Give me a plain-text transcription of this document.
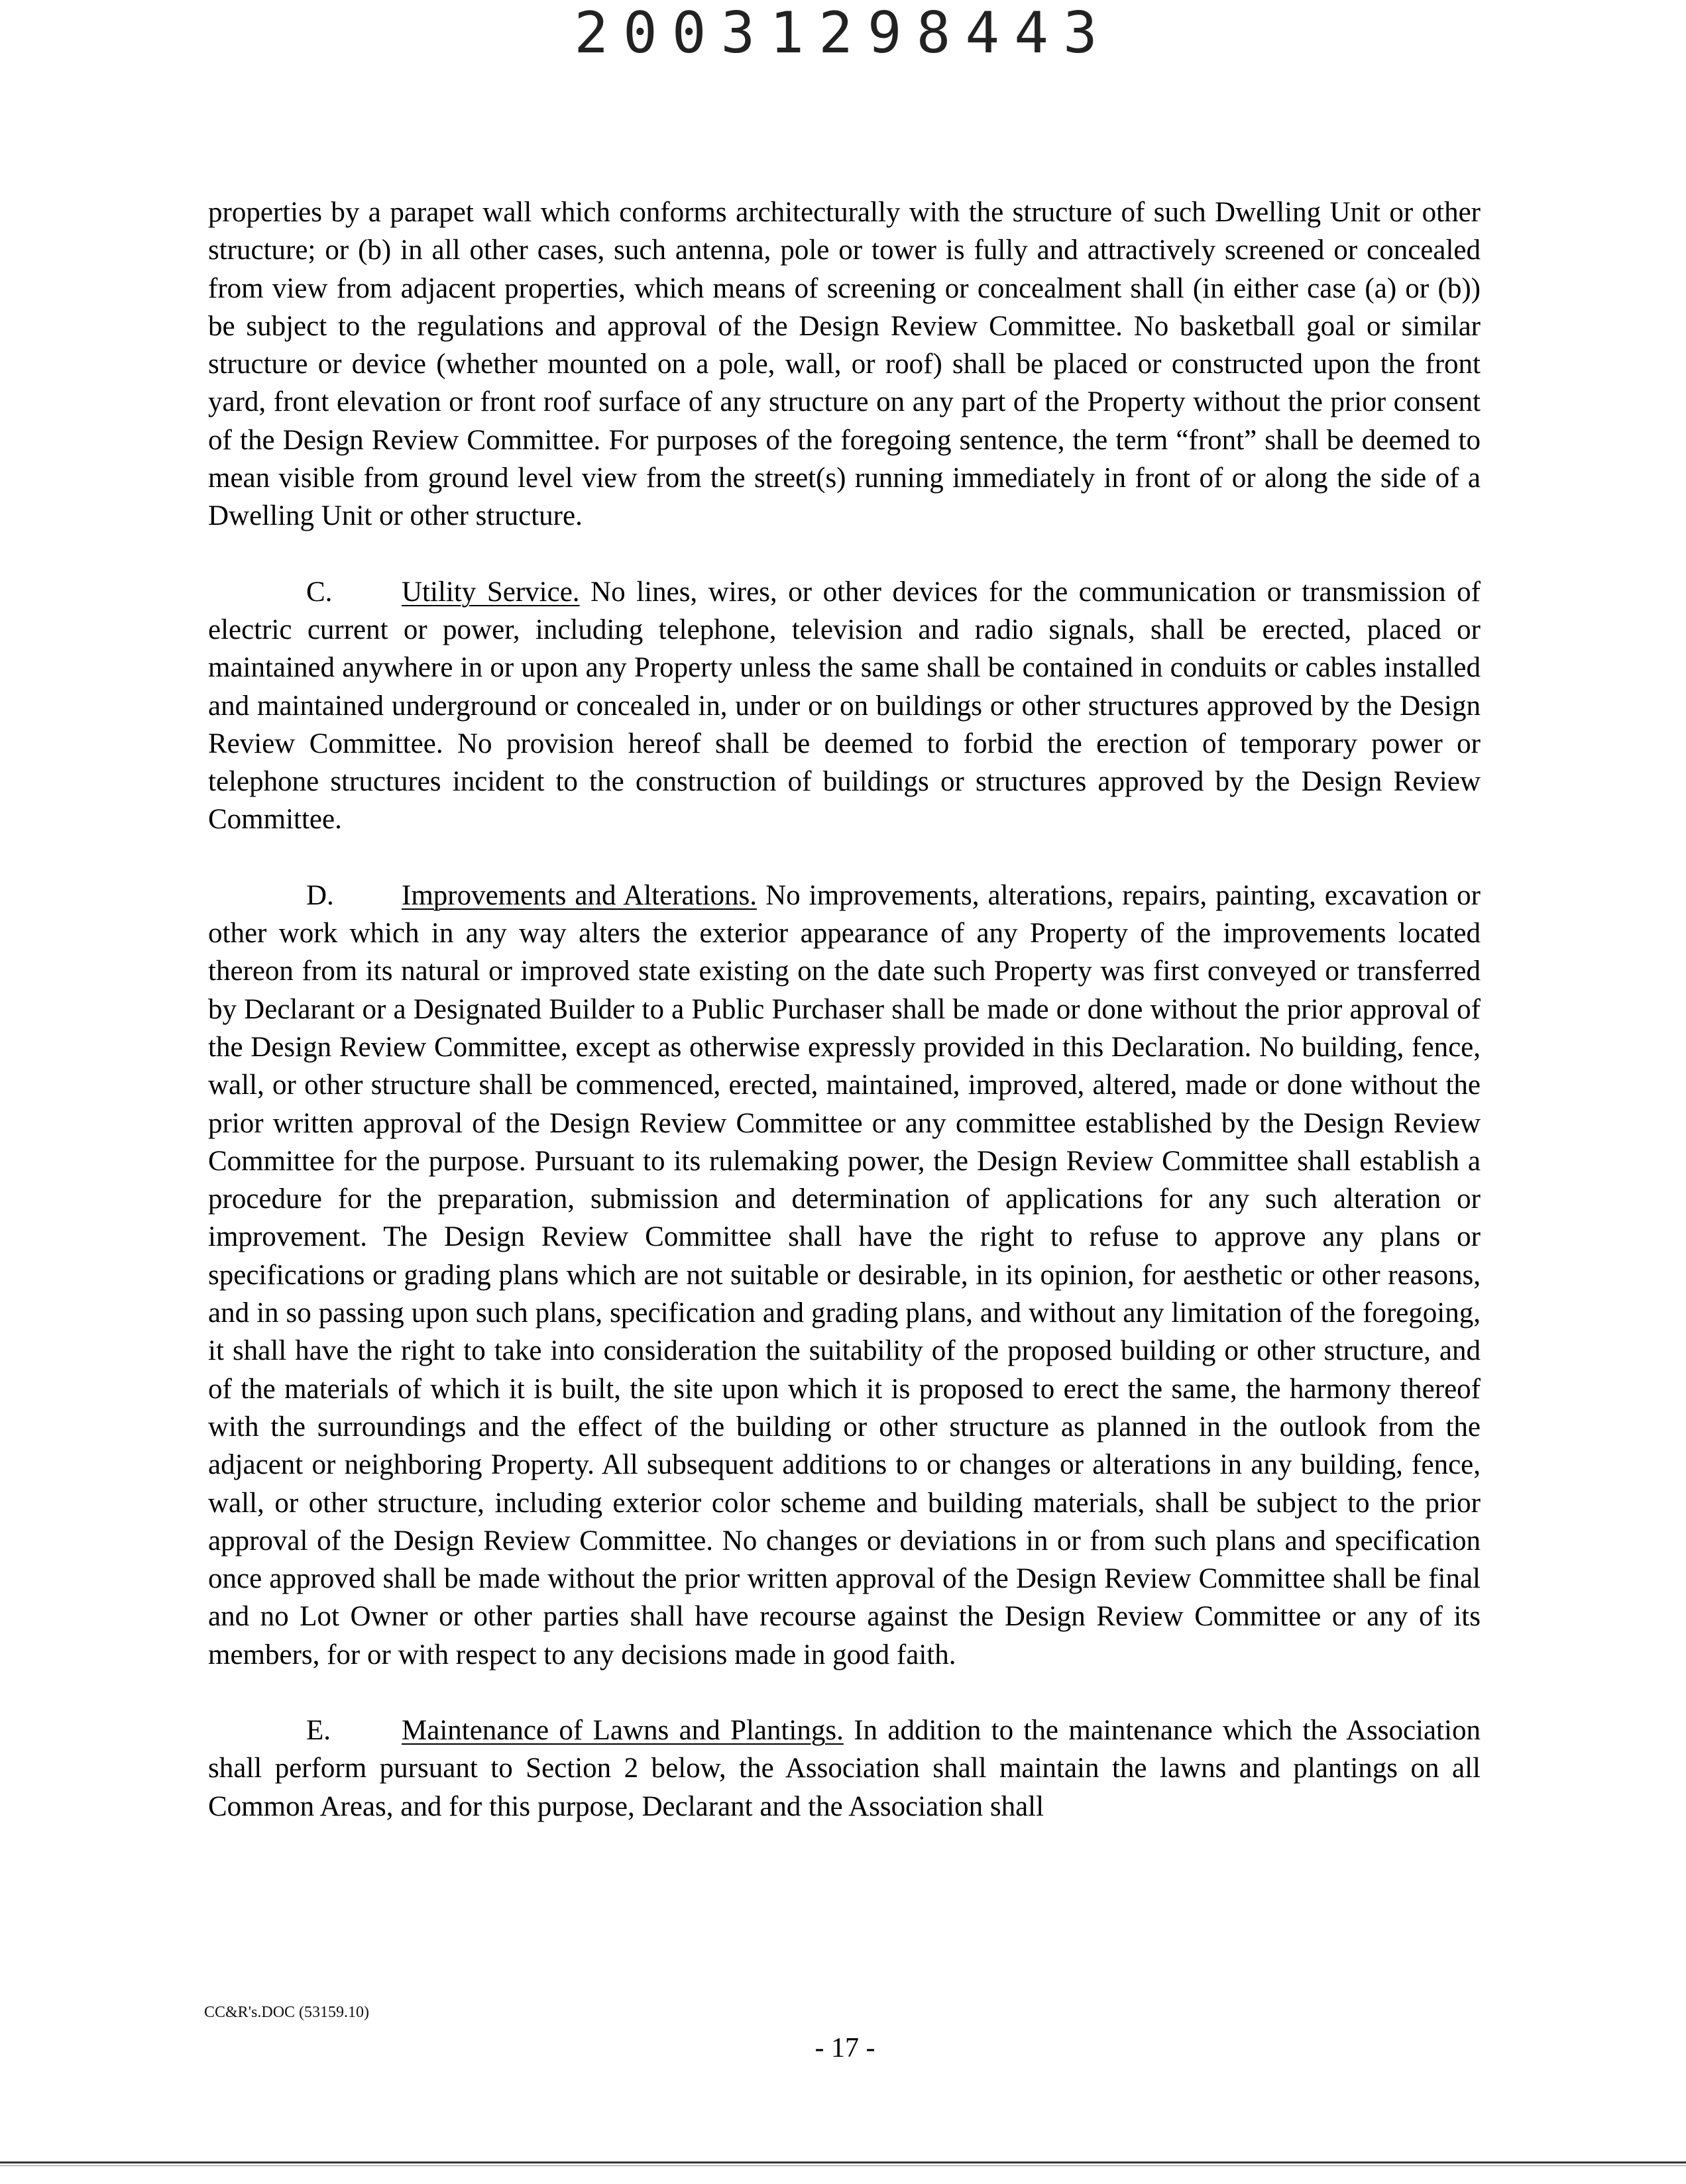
20031298443

properties by a parapet wall which conforms architecturally with the structure of such Dwelling Unit or other structure; or (b) in all other cases, such antenna, pole or tower is fully and attractively screened or concealed from view from adjacent properties, which means of screening or concealment shall (in either case (a) or (b)) be subject to the regulations and approval of the Design Review Committee. No basketball goal or similar structure or device (whether mounted on a pole, wall, or roof) shall be placed or constructed upon the front yard, front elevation or front roof surface of any structure on any part of the Property without the prior consent of the Design Review Committee. For purposes of the foregoing sentence, the term “front” shall be deemed to mean visible from ground level view from the street(s) running immediately in front of or along the side of a Dwelling Unit or other structure.

C. Utility Service. No lines, wires, or other devices for the communication or transmission of electric current or power, including telephone, television and radio signals, shall be erected, placed or maintained anywhere in or upon any Property unless the same shall be contained in conduits or cables installed and maintained underground or concealed in, under or on buildings or other structures approved by the Design Review Committee. No provision hereof shall be deemed to forbid the erection of temporary power or telephone structures incident to the construction of buildings or structures approved by the Design Review Committee.

D. Improvements and Alterations. No improvements, alterations, repairs, painting, excavation or other work which in any way alters the exterior appearance of any Property of the improvements located thereon from its natural or improved state existing on the date such Property was first conveyed or transferred by Declarant or a Designated Builder to a Public Purchaser shall be made or done without the prior approval of the Design Review Committee, except as otherwise expressly provided in this Declaration. No building, fence, wall, or other structure shall be commenced, erected, maintained, improved, altered, made or done without the prior written approval of the Design Review Committee or any committee established by the Design Review Committee for the purpose. Pursuant to its rulemaking power, the Design Review Committee shall establish a procedure for the preparation, submission and determination of applications for any such alteration or improvement. The Design Review Committee shall have the right to refuse to approve any plans or specifications or grading plans which are not suitable or desirable, in its opinion, for aesthetic or other reasons, and in so passing upon such plans, specification and grading plans, and without any limitation of the foregoing, it shall have the right to take into consideration the suitability of the proposed building or other structure, and of the materials of which it is built, the site upon which it is proposed to erect the same, the harmony thereof with the surroundings and the effect of the building or other structure as planned in the outlook from the adjacent or neighboring Property. All subsequent additions to or changes or alterations in any building, fence, wall, or other structure, including exterior color scheme and building materials, shall be subject to the prior approval of the Design Review Committee. No changes or deviations in or from such plans and specification once approved shall be made without the prior written approval of the Design Review Committee shall be final and no Lot Owner or other parties shall have recourse against the Design Review Committee or any of its members, for or with respect to any decisions made in good faith.

E. Maintenance of Lawns and Plantings. In addition to the maintenance which the Association shall perform pursuant to Section 2 below, the Association shall maintain the lawns and plantings on all Common Areas, and for this purpose, Declarant and the Association shall

CC&R's.DOC (53159.10)
- 17 -
